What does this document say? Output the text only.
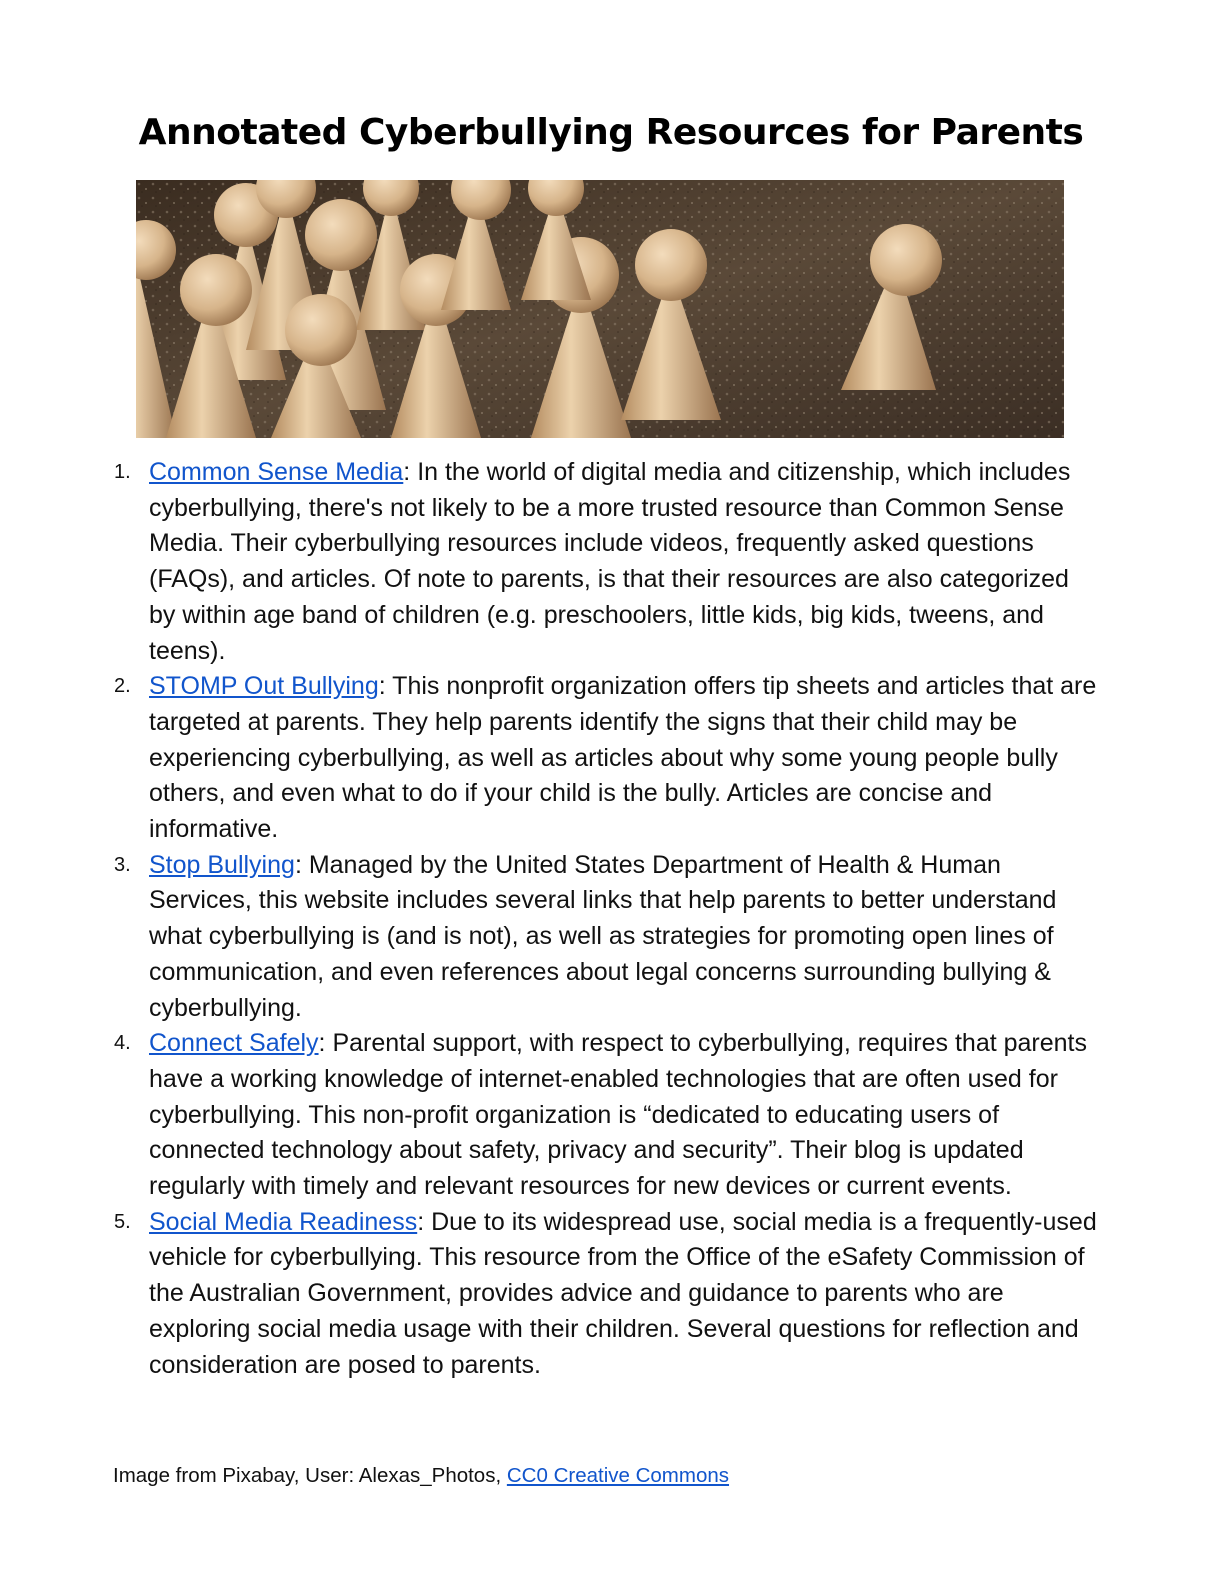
Annotated Cyberbullying Resources for Parents
1. Common Sense Media: In the world of digital media and citizenship, which includes cyberbullying, there's not likely to be a more trusted resource than Common Sense Media. Their cyberbullying resources include videos, frequently asked questions (FAQs), and articles. Of note to parents, is that their resources are also categorized by within age band of children (e.g. preschoolers, little kids, big kids, tweens, and teens).
2. STOMP Out Bullying: This nonprofit organization offers tip sheets and articles that are targeted at parents. They help parents identify the signs that their child may be experiencing cyberbullying, as well as articles about why some young people bully others, and even what to do if your child is the bully. Articles are concise and informative.
3. Stop Bullying: Managed by the United States Department of Health & Human Services, this website includes several links that help parents to better understand what cyberbullying is (and is not), as well as strategies for promoting open lines of communication, and even references about legal concerns surrounding bullying & cyberbullying.
4. Connect Safely: Parental support, with respect to cyberbullying, requires that parents have a working knowledge of internet-enabled technologies that are often used for cyberbullying. This non-profit organization is “dedicated to educating users of connected technology about safety, privacy and security”. Their blog is updated regularly with timely and relevant resources for new devices or current events.
5. Social Media Readiness: Due to its widespread use, social media is a frequently-used vehicle for cyberbullying. This resource from the Office of the eSafety Commission of the Australian Government, provides advice and guidance to parents who are exploring social media usage with their children. Several questions for reflection and consideration are posed to parents.
Image from Pixabay, User: Alexas_Photos, CC0 Creative Commons
